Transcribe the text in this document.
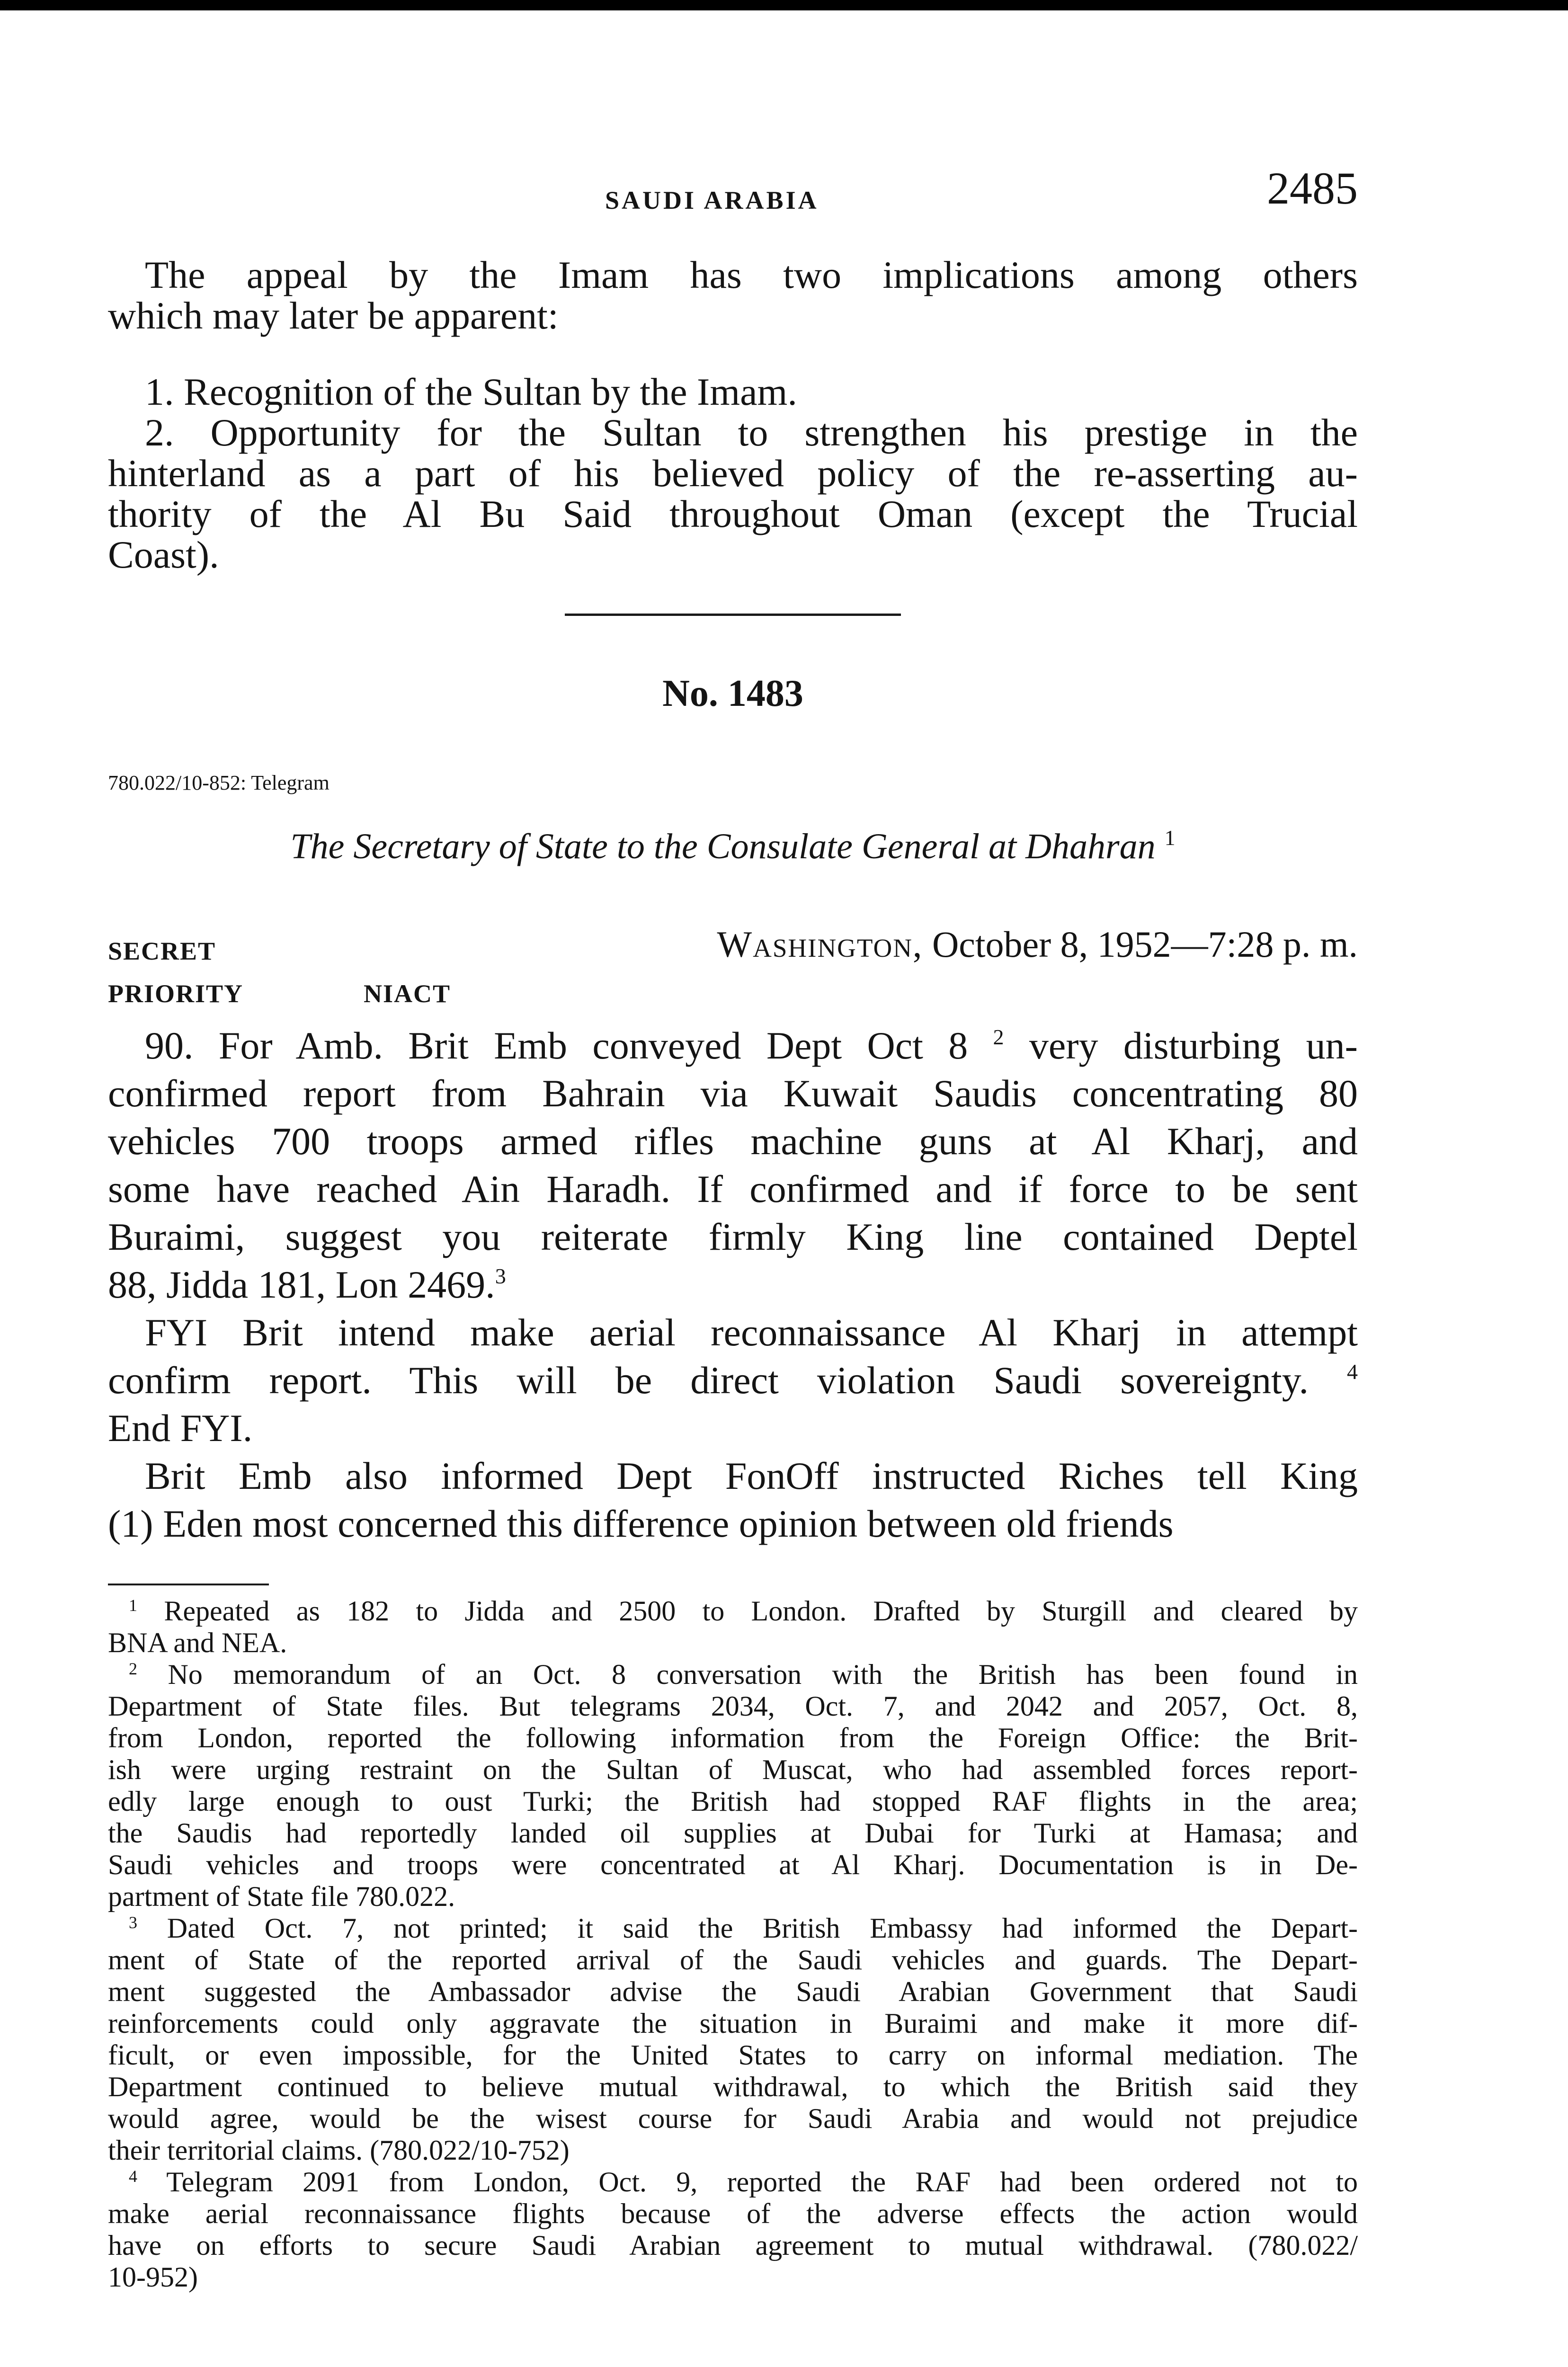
SAUDI ARABIA	2485
The appeal by the Imam has two implications among others
which may later be apparent:
1. Recognition of the Sultan by the Imam.
2. Opportunity for the Sultan to strengthen his prestige in the
hinterland as a part of his believed policy of the re-asserting au-
thority of the Al Bu Said throughout Oman (except the Trucial
Coast).
No. 1483
780.022/10-852: Telegram
The Secretary of State to the Consulate General at Dhahran $^1$
SECRET
PRIORITY	NIACT
Washington, October 8, 1952—7:28 p. m.
90. For Amb. Brit Emb conveyed Dept Oct 8 $^2$ very disturbing un-
confirmed report from Bahrain via Kuwait Saudis concentrating 80
vehicles 700 troops armed rifles machine guns at Al Kharj, and
some have reached Ain Haradh. If confirmed and if force to be sent
Buraimi, suggest you reiterate firmly King line contained Deptel
88, Jidda 181, Lon 2469.$^3$
FYI Brit intend make aerial reconnaissance Al Kharj in attempt
confirm report. This will be direct violation Saudi sovereignty. $^4$
End FYI.
Brit Emb also informed Dept FonOff instructed Riches tell King
(1) Eden most concerned this difference opinion between old friends
$^1$ Repeated as 182 to Jidda and 2500 to London. Drafted by Sturgill and cleared by
BNA and NEA.
$^2$ No memorandum of an Oct. 8 conversation with the British has been found in
Department of State files. But telegrams 2034, Oct. 7, and 2042 and 2057, Oct. 8,
from London, reported the following information from the Foreign Office: the Brit-
ish were urging restraint on the Sultan of Muscat, who had assembled forces report-
edly large enough to oust Turki; the British had stopped RAF flights in the area;
the Saudis had reportedly landed oil supplies at Dubai for Turki at Hamasa; and
Saudi vehicles and troops were concentrated at Al Kharj. Documentation is in De-
partment of State file 780.022.
$^3$ Dated Oct. 7, not printed; it said the British Embassy had informed the Depart-
ment of State of the reported arrival of the Saudi vehicles and guards. The Depart-
ment suggested the Ambassador advise the Saudi Arabian Government that Saudi
reinforcements could only aggravate the situation in Buraimi and make it more dif-
ficult, or even impossible, for the United States to carry on informal mediation. The
Department continued to believe mutual withdrawal, to which the British said they
would agree, would be the wisest course for Saudi Arabia and would not prejudice
their territorial claims. (780.022/10-752)
$^4$ Telegram 2091 from London, Oct. 9, reported the RAF had been ordered not to
make aerial reconnaissance flights because of the adverse effects the action would
have on efforts to secure Saudi Arabian agreement to mutual withdrawal. (780.022/
10-952)
